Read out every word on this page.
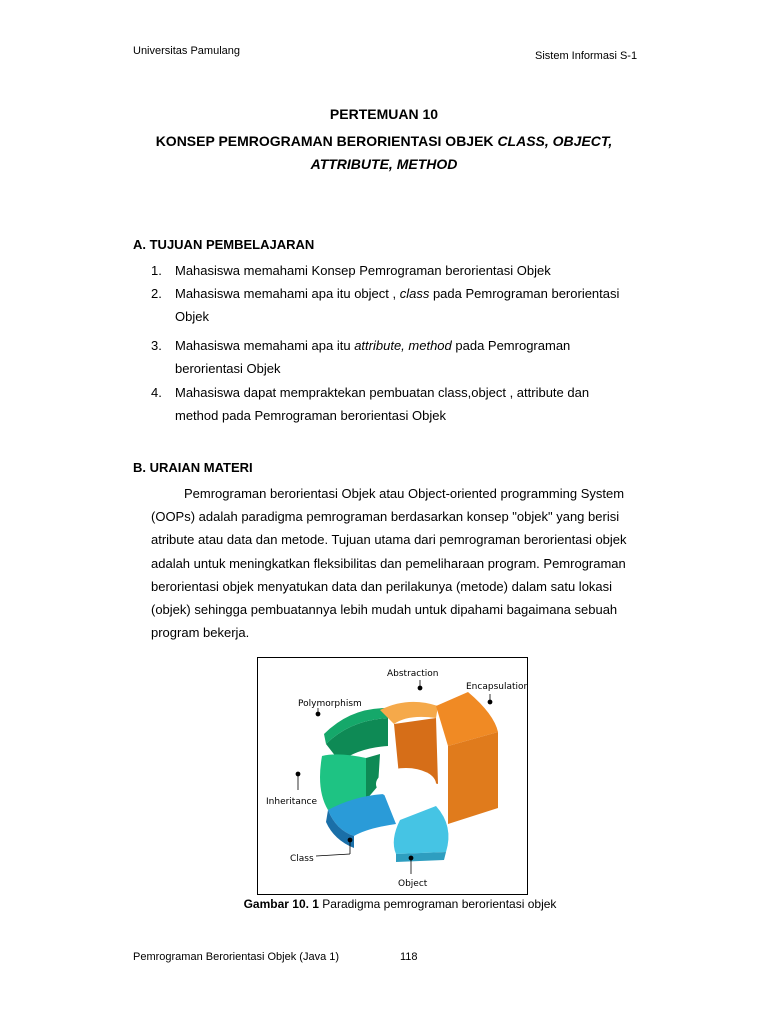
Universitas Pamulang	Sistem Informasi S-1
PERTEMUAN 10
KONSEP PEMROGRAMAN BERORIENTASI OBJEK CLASS, OBJECT,
ATTRIBUTE, METHOD
A. TUJUAN PEMBELAJARAN
1. Mahasiswa memahami Konsep Pemrograman berorientasi Objek
2. Mahasiswa memahami apa itu object , class pada Pemrograman berorientasi
Objek
3. Mahasiswa memahami apa itu attribute, method pada Pemrograman
berorientasi Objek
4. Mahasiswa dapat mempraktekan pembuatan class,object , attribute dan
method pada Pemrograman berorientasi Objek
B. URAIAN MATERI
Pemrograman berorientasi Objek atau Object-oriented programming System
(OOPs) adalah paradigma pemrograman berdasarkan konsep "objek" yang berisi
atribute atau data dan metode. Tujuan utama dari pemrograman berorientasi objek
adalah untuk meningkatkan fleksibilitas dan pemeliharaan program. Pemrograman
berorientasi objek menyatukan data dan perilakunya (metode) dalam satu lokasi
(objek) sehingga pembuatannya lebih mudah untuk dipahami bagaimana sebuah
program bekerja.
Abstraction
Encapsulation
Polymorphism
Inheritance
Class
Object
Gambar 10. 1 Paradigma pemrograman berorientasi objek
Pemrograman Berorientasi Objek (Java 1)	118
